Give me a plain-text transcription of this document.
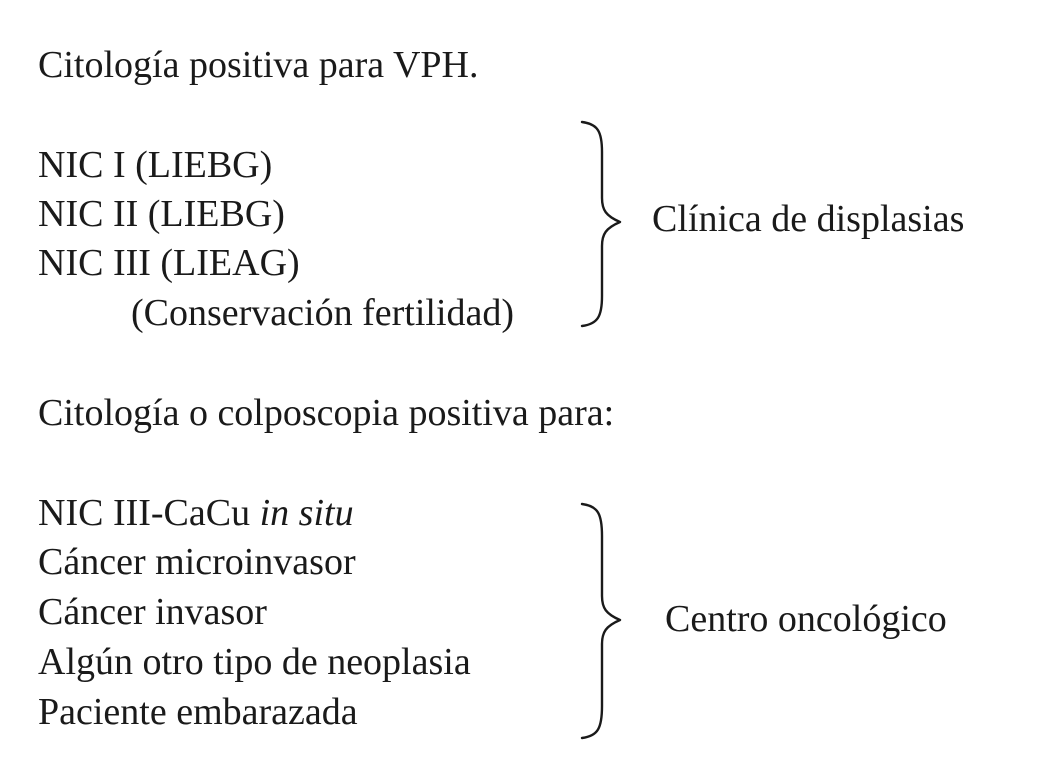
Citología positiva para VPH.
NIC I (LIEBG)
NIC II (LIEBG)
NIC III (LIEAG)
(Conservación fertilidad)
Clínica de displasias
Citología o colposcopia positiva para:
NIC III-CaCu in situ
Cáncer microinvasor
Cáncer invasor
Algún otro tipo de neoplasia
Paciente embarazada
Centro oncológico
